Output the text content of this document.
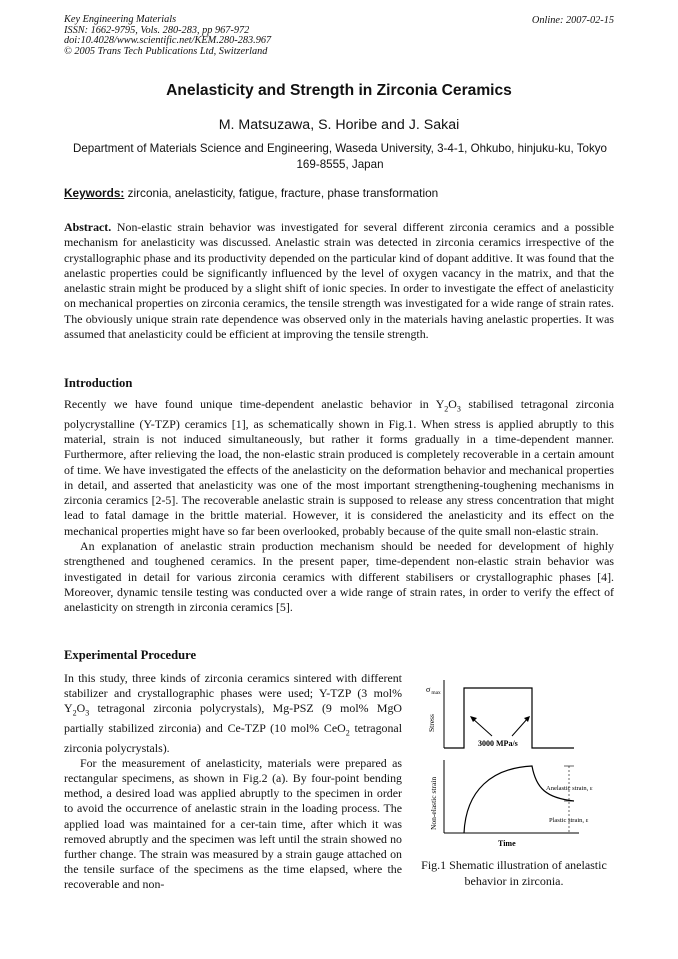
Key Engineering Materials
ISSN: 1662-9795, Vols. 280-283, pp 967-972
doi:10.4028/www.scientific.net/KEM.280-283.967
© 2005 Trans Tech Publications Ltd, Switzerland
Online: 2007-02-15
Anelasticity and Strength in Zirconia Ceramics
M. Matsuzawa, S. Horibe and J. Sakai
Department of Materials Science and Engineering, Waseda University, 3-4-1, Ohkubo, hinjuku-ku, Tokyo 169-8555, Japan
Keywords: zirconia, anelasticity, fatigue, fracture, phase transformation

Abstract. Non-elastic strain behavior was investigated for several different zirconia ceramics and a possible mechanism for anelasticity was discussed. Anelastic strain was detected in zirconia ceramics irrespective of the crystallographic phase and its productivity depended on the particular kind of dopant additive. It was found that the anelastic properties could be significantly influenced by the level of oxygen vacancy in the matrix, and that the anelastic strain might be produced by a slight shift of ionic species. In order to investigate the effect of anelasticity on mechanical properties on zirconia ceramics, the tensile strength was investigated for a wide range of strain rates. The obviously unique strain rate dependence was observed only in the materials having anelastic properties. It was assumed that anelasticity could be efficient at improving the tensile strength.

Introduction

Recently we have found unique time-dependent anelastic behavior in $Y_2O_3$ stabilised tetragonal zirconia polycrystalline (Y-TZP) ceramics [1], as schematically shown in Fig.1. When stress is applied abruptly to this material, strain is not induced simultaneously, but rather it forms gradually in a time-dependent manner. Furthermore, after relieving the load, the non-elastic strain produced is completely recoverable in a certain amount of time. We have investigated the effects of the anelasticity on the deformation behavior and mechanical properties in detail, and asserted that anelasticity was one of the most important strengthening-toughening mechanisms in zirconia ceramics [2-5]. The recoverable anelastic strain is supposed to release any stress concentration that might lead to fatal damage in the brittle material. However, it is considered the anelasticity and its effect on the mechanical properties might have so far been overlooked, probably because of the quite small non-elastic strain.

An explanation of anelastic strain production mechanism should be needed for development of highly strengthened and toughened ceramics. In the present paper, time-dependent non-elastic strain behavior was investigated in detail for various zirconia ceramics with different stabilisers or crystallographic phases [4]. Moreover, dynamic tensile testing was conducted over a wide range of strain rates, in order to verify the effect of anelasticity on strength in zirconia ceramics [5].

Experimental Procedure

In this study, three kinds of zirconia ceramics sintered with different stabilizer and crystallographic phases were used; Y-TZP (3 mol% $Y_2O_3$ tetragonal zirconia polycrystals), Mg-PSZ (9 mol% MgO partially stabilized zirconia) and Ce-TZP (10 mol% CeO$_2$ tetragonal zirconia polycrystals).

For the measurement of anelasticity, materials were prepared as rectangular specimens, as shown in Fig.2 (a). By four-point bending method, a desired load was applied abruptly to the specimen in order to avoid the occurrence of anelastic strain in the loading process. The applied load was maintained for a cer-tain time, after which it was removed abruptly and the specimen was left until the strain showed no further change. The strain was measured by a strain gauge attached on the tensile surface of the specimens as the time elapsed, where the recoverable and non-

$\sigma_{max}$
Stress
3000 MPa/s
Non-elastic strain	Anelastic strain, ε
Plastic strain, ε
Time
Fig.1 Shematic illustration of anelastic behavior in zirconia.
